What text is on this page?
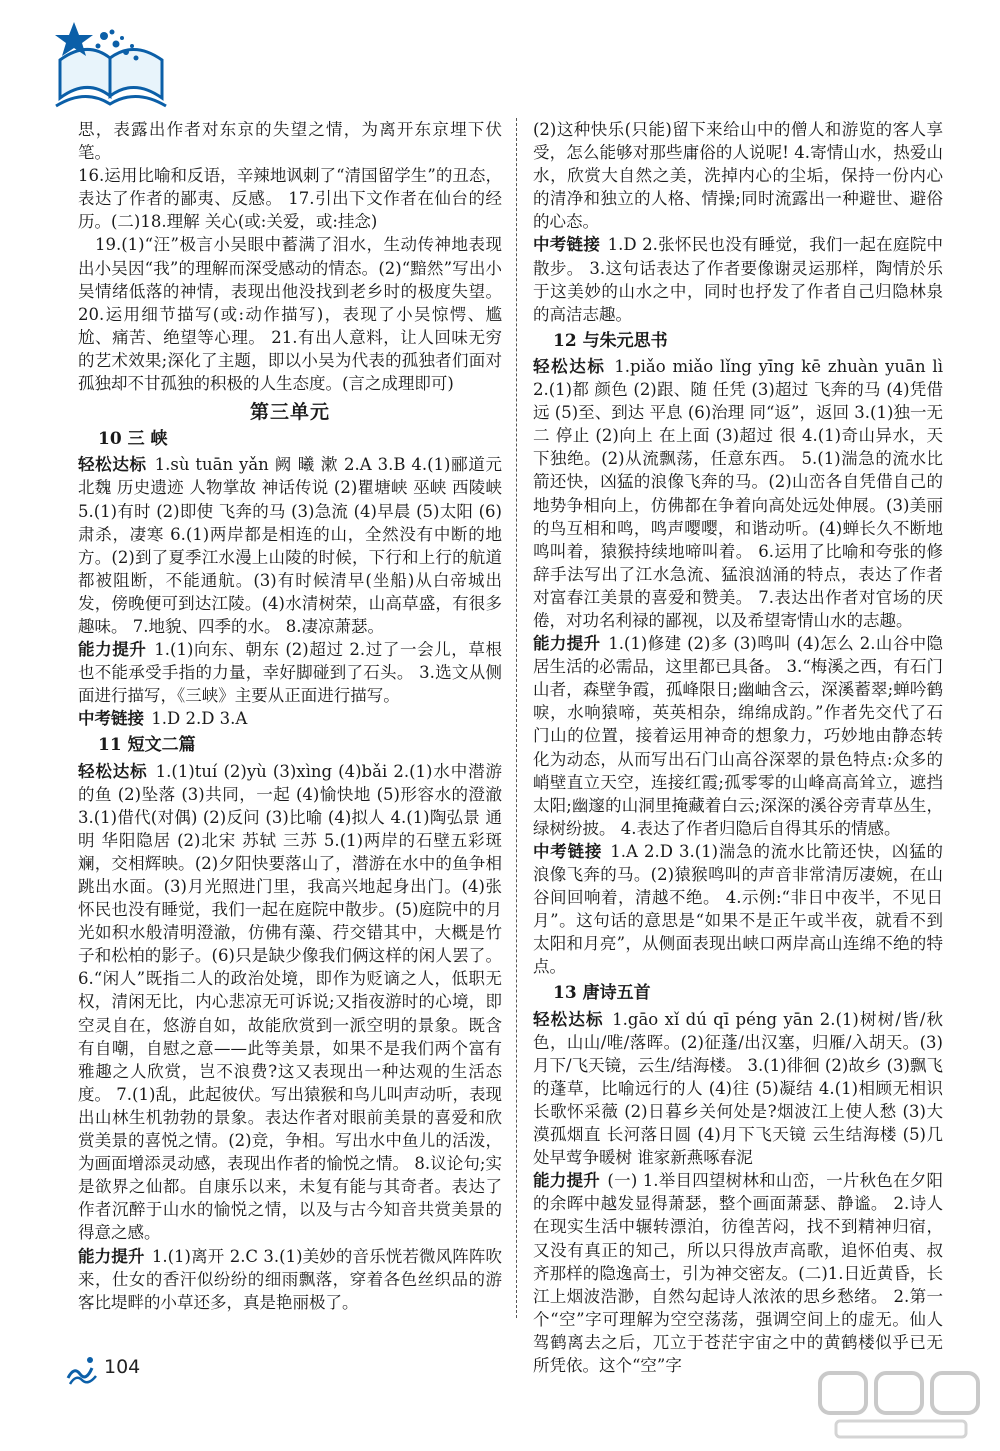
思，表露出作者对东京的失望之情，为离开东京埋下伏笔。
16.运用比喻和反语，辛辣地讽刺了“清国留学生”的丑态，表达了作者的鄙夷、反感。 17.引出下文作者在仙台的经历。(二)18.理解 关心(或:关爱，或:挂念)
　19.(1)“汪”极言小吴眼中蓄满了泪水，生动传神地表现出小吴因“我”的理解而深受感动的情态。(2)“黯然”写出小吴情绪低落的神情，表现出他没找到老乡时的极度失望。 20.运用细节描写(或:动作描写)，表现了小吴惊愕、尴尬、痛苦、绝望等心理。 21.有出人意料，让人回味无穷的艺术效果;深化了主题，即以小吴为代表的孤独者们面对孤独却不甘孤独的积极的人生态度。(言之成理即可)
第三单元
10 三 峡
轻松达标 1.sù tuān yǎn 阙 曦 漱 2.A 3.B 4.(1)郦道元 北魏 历史遗迹 人物掌故 神话传说 (2)瞿塘峡 巫峡 西陵峡 5.(1)有时 (2)即使 飞奔的马 (3)急流 (4)早晨 (5)太阳 (6)肃杀，凄寒 6.(1)两岸都是相连的山，全然没有中断的地方。(2)到了夏季江水漫上山陵的时候，下行和上行的航道都被阻断，不能通航。(3)有时候清早(坐船)从白帝城出发，傍晚便可到达江陵。(4)水清树荣，山高草盛，有很多趣味。 7.地貌、四季的水。 8.凄凉萧瑟。
能力提升 1.(1)向东、朝东 (2)超过 2.过了一会儿，草根也不能承受手指的力量，幸好脚碰到了石头。 3.选文从侧面进行描写，《三峡》主要从正面进行描写。
中考链接 1.D 2.D 3.A
11 短文二篇
轻松达标 1.(1)tuí (2)yù (3)xìng (4)bǎi 2.(1)水中潜游的鱼 (2)坠落 (3)共同，一起 (4)愉快地 (5)形容水的澄澈 3.(1)借代(对偶) (2)反问 (3)比喻 (4)拟人 4.(1)陶弘景 通明 华阳隐居 (2)北宋 苏轼 三苏 5.(1)两岸的石壁五彩斑斓，交相辉映。(2)夕阳快要落山了，潜游在水中的鱼争相跳出水面。(3)月光照进门里，我高兴地起身出门。(4)张怀民也没有睡觉，我们一起在庭院中散步。(5)庭院中的月光如积水般清明澄澈，仿佛有藻、荇交错其中，大概是竹子和松柏的影子。(6)只是缺少像我们俩这样的闲人罢了。 6.“闲人”既指二人的政治处境，即作为贬谪之人，低职无权，清闲无比，内心悲凉无可诉说;又指夜游时的心境，即空灵自在，悠游自如，故能欣赏到一派空明的景象。既含有自嘲，自慰之意——此等美景，如果不是我们两个富有雅趣之人欣赏，岂不浪费?这又表现出一种达观的生活态度。 7.(1)乱，此起彼伏。写出猿猴和鸟儿叫声动听，表现出山林生机勃勃的景象。表达作者对眼前美景的喜爱和欣赏美景的喜悦之情。(2)竞，争相。写出水中鱼儿的活泼，为画面增添灵动感，表现出作者的愉悦之情。 8.议论句;实是欲界之仙都。自康乐以来，未复有能与其奇者。表达了作者沉醉于山水的愉悦之情，以及与古今知音共赏美景的得意之感。
能力提升 1.(1)离开 2.C 3.(1)美妙的音乐恍若微风阵阵吹来，仕女的香汗似纷纷的细雨飘落，穿着各色丝织品的游客比堤畔的小草还多，真是艳丽极了。
(2)这种快乐(只能)留下来给山中的僧人和游览的客人享受，怎么能够对那些庸俗的人说呢! 4.寄情山水，热爱山水，欣赏大自然之美，洗掉内心的尘垢，保持一份内心的清净和独立的人格、情操;同时流露出一种避世、避俗的心态。
中考链接 1.D 2.张怀民也没有睡觉，我们一起在庭院中散步。 3.这句话表达了作者要像谢灵运那样，陶情於乐于这美妙的山水之中，同时也抒发了作者自己归隐林泉的高洁志趣。
12 与朱元思书
轻松达标 1.piǎo miǎo lǐng yīng kē zhuàn yuān lì 2.(1)都 颜色 (2)跟、随 任凭 (3)超过 飞奔的马 (4)凭借 远 (5)至、到达 平息 (6)治理 同“返”，返回 3.(1)独一无二 停止 (2)向上 在上面 (3)超过 很 4.(1)奇山异水，天下独绝。(2)从流飘荡，任意东西。 5.(1)湍急的流水比箭还快，凶猛的浪像飞奔的马。(2)山峦各自凭借自己的地势争相向上，仿佛都在争着向高处远处伸展。(3)美丽的鸟互相和鸣，鸣声嘤嘤，和谐动听。(4)蝉长久不断地鸣叫着，猿猴持续地啼叫着。 6.运用了比喻和夸张的修辞手法写出了江水急流、猛浪汹涌的特点，表达了作者对富春江美景的喜爱和赞美。 7.表达出作者对官场的厌倦，对功名利禄的鄙视，以及希望寄情山水的志趣。
能力提升 1.(1)修建 (2)多 (3)鸣叫 (4)怎么 2.山谷中隐居生活的必需品，这里都已具备。 3.“梅溪之西，有石门山者，森壁争霞，孤峰限日;幽岫含云，深溪蓄翠;蝉吟鹤唳，水响猿啼，英英相杂，绵绵成韵。”作者先交代了石门山的位置，接着运用神奇的想象力，巧妙地由静态转化为动态，从而写出石门山高谷深翠的景色特点:众多的峭壁直立天空，连接红霞;孤零零的山峰高高耸立，遮挡太阳;幽邃的山洞里掩藏着白云;深深的溪谷旁青草丛生，绿树纷披。 4.表达了作者归隐后自得其乐的情感。
中考链接 1.A 2.D 3.(1)湍急的流水比箭还快，凶猛的浪像飞奔的马。(2)猿猴鸣叫的声音非常清厉凄婉，在山谷间回响着，清越不绝。 4.示例:“非日中夜半，不见日月”。这句话的意思是“如果不是正午或半夜，就看不到太阳和月亮”，从侧面表现出峡口两岸高山连绵不绝的特点。
13 唐诗五首
轻松达标 1.gāo xǐ dú qī péng yān 2.(1)树树/皆/秋色，山山/唯/落晖。(2)征蓬/出汉塞，归雁/入胡天。(3)月下/飞天镜，云生/结海楼。 3.(1)徘徊 (2)故乡 (3)飘飞的蓬草，比喻远行的人 (4)往 (5)凝结 4.(1)相顾无相识 长歌怀采薇 (2)日暮乡关何处是?烟波江上使人愁 (3)大漠孤烟直 长河落日圆 (4)月下飞天镜 云生结海楼 (5)几处早莺争暖树 谁家新燕啄春泥
能力提升 (一) 1.举目四望树林和山峦，一片秋色在夕阳的余晖中越发显得萧瑟，整个画面萧瑟、静谧。 2.诗人在现实生活中辗转漂泊，彷徨苦闷，找不到精神归宿，又没有真正的知己，所以只得放声高歌，追怀伯夷、叔齐那样的隐逸高士，引为神交密友。(二)1.日近黄昏，长江上烟波浩渺，自然勾起诗人浓浓的思乡愁绪。 2.第一个“空”字可理解为空空荡荡，强调空间上的虚无。仙人驾鹤离去之后，兀立于苍茫宇宙之中的黄鹤楼似乎已无所凭依。这个“空”字
104
